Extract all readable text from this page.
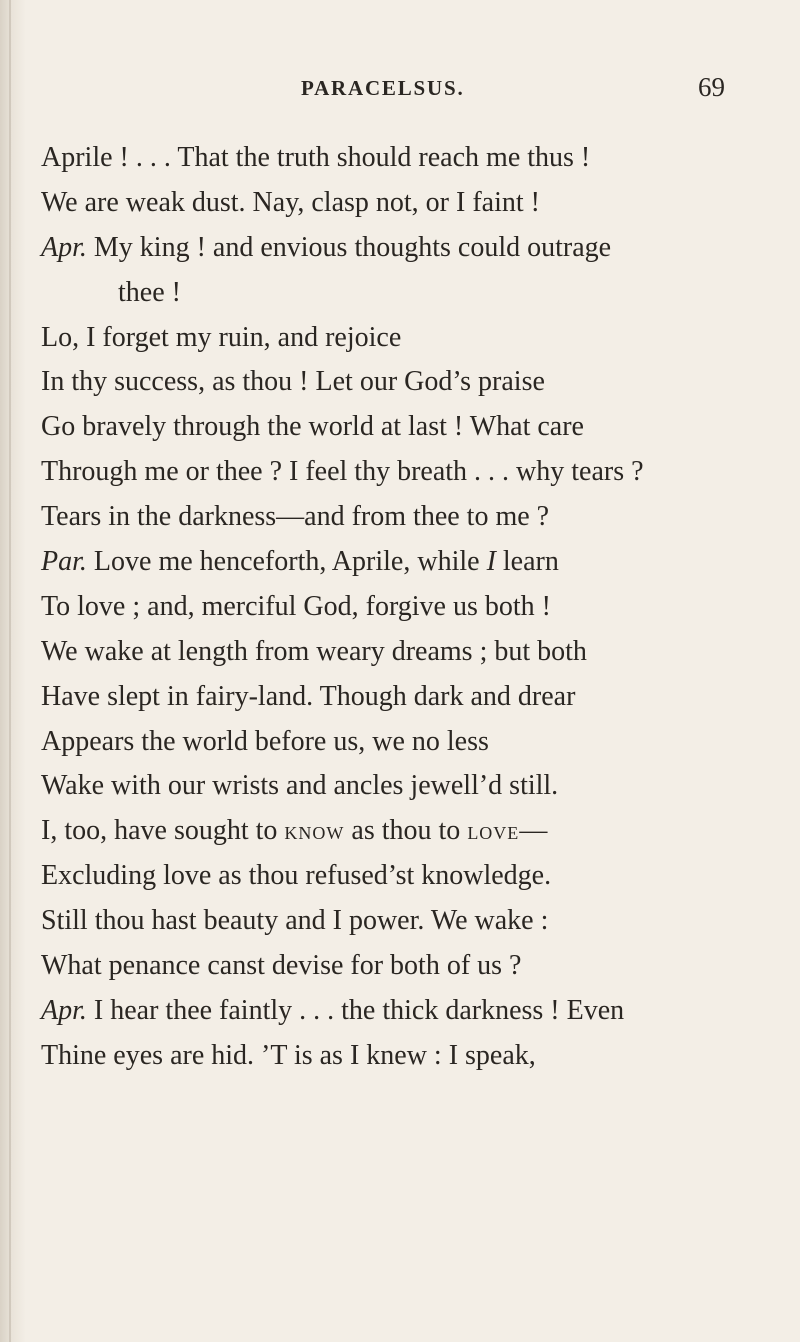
PARACELSUS.	69
Aprile ! . . . That the truth should reach me thus !
We are weak dust. Nay, clasp not, or I faint !
Apr. My king ! and envious thoughts could outrage
thee !
Lo, I forget my ruin, and rejoice
In thy success, as thou ! Let our God’s praise
Go bravely through the world at last ! What care
Through me or thee ? I feel thy breath . . . why tears ?
Tears in the darkness—and from thee to me ?
Par. Love me henceforth, Aprile, while I learn
To love ; and, merciful God, forgive us both !
We wake at length from weary dreams ; but both
Have slept in fairy-land. Though dark and drear
Appears the world before us, we no less
Wake with our wrists and ancles jewell’d still.
I, too, have sought to know as thou to love—
Excluding love as thou refused’st knowledge.
Still thou hast beauty and I power. We wake :
What penance canst devise for both of us ?
Apr. I hear thee faintly . . . the thick darkness ! Even
Thine eyes are hid. ’T is as I knew : I speak,
